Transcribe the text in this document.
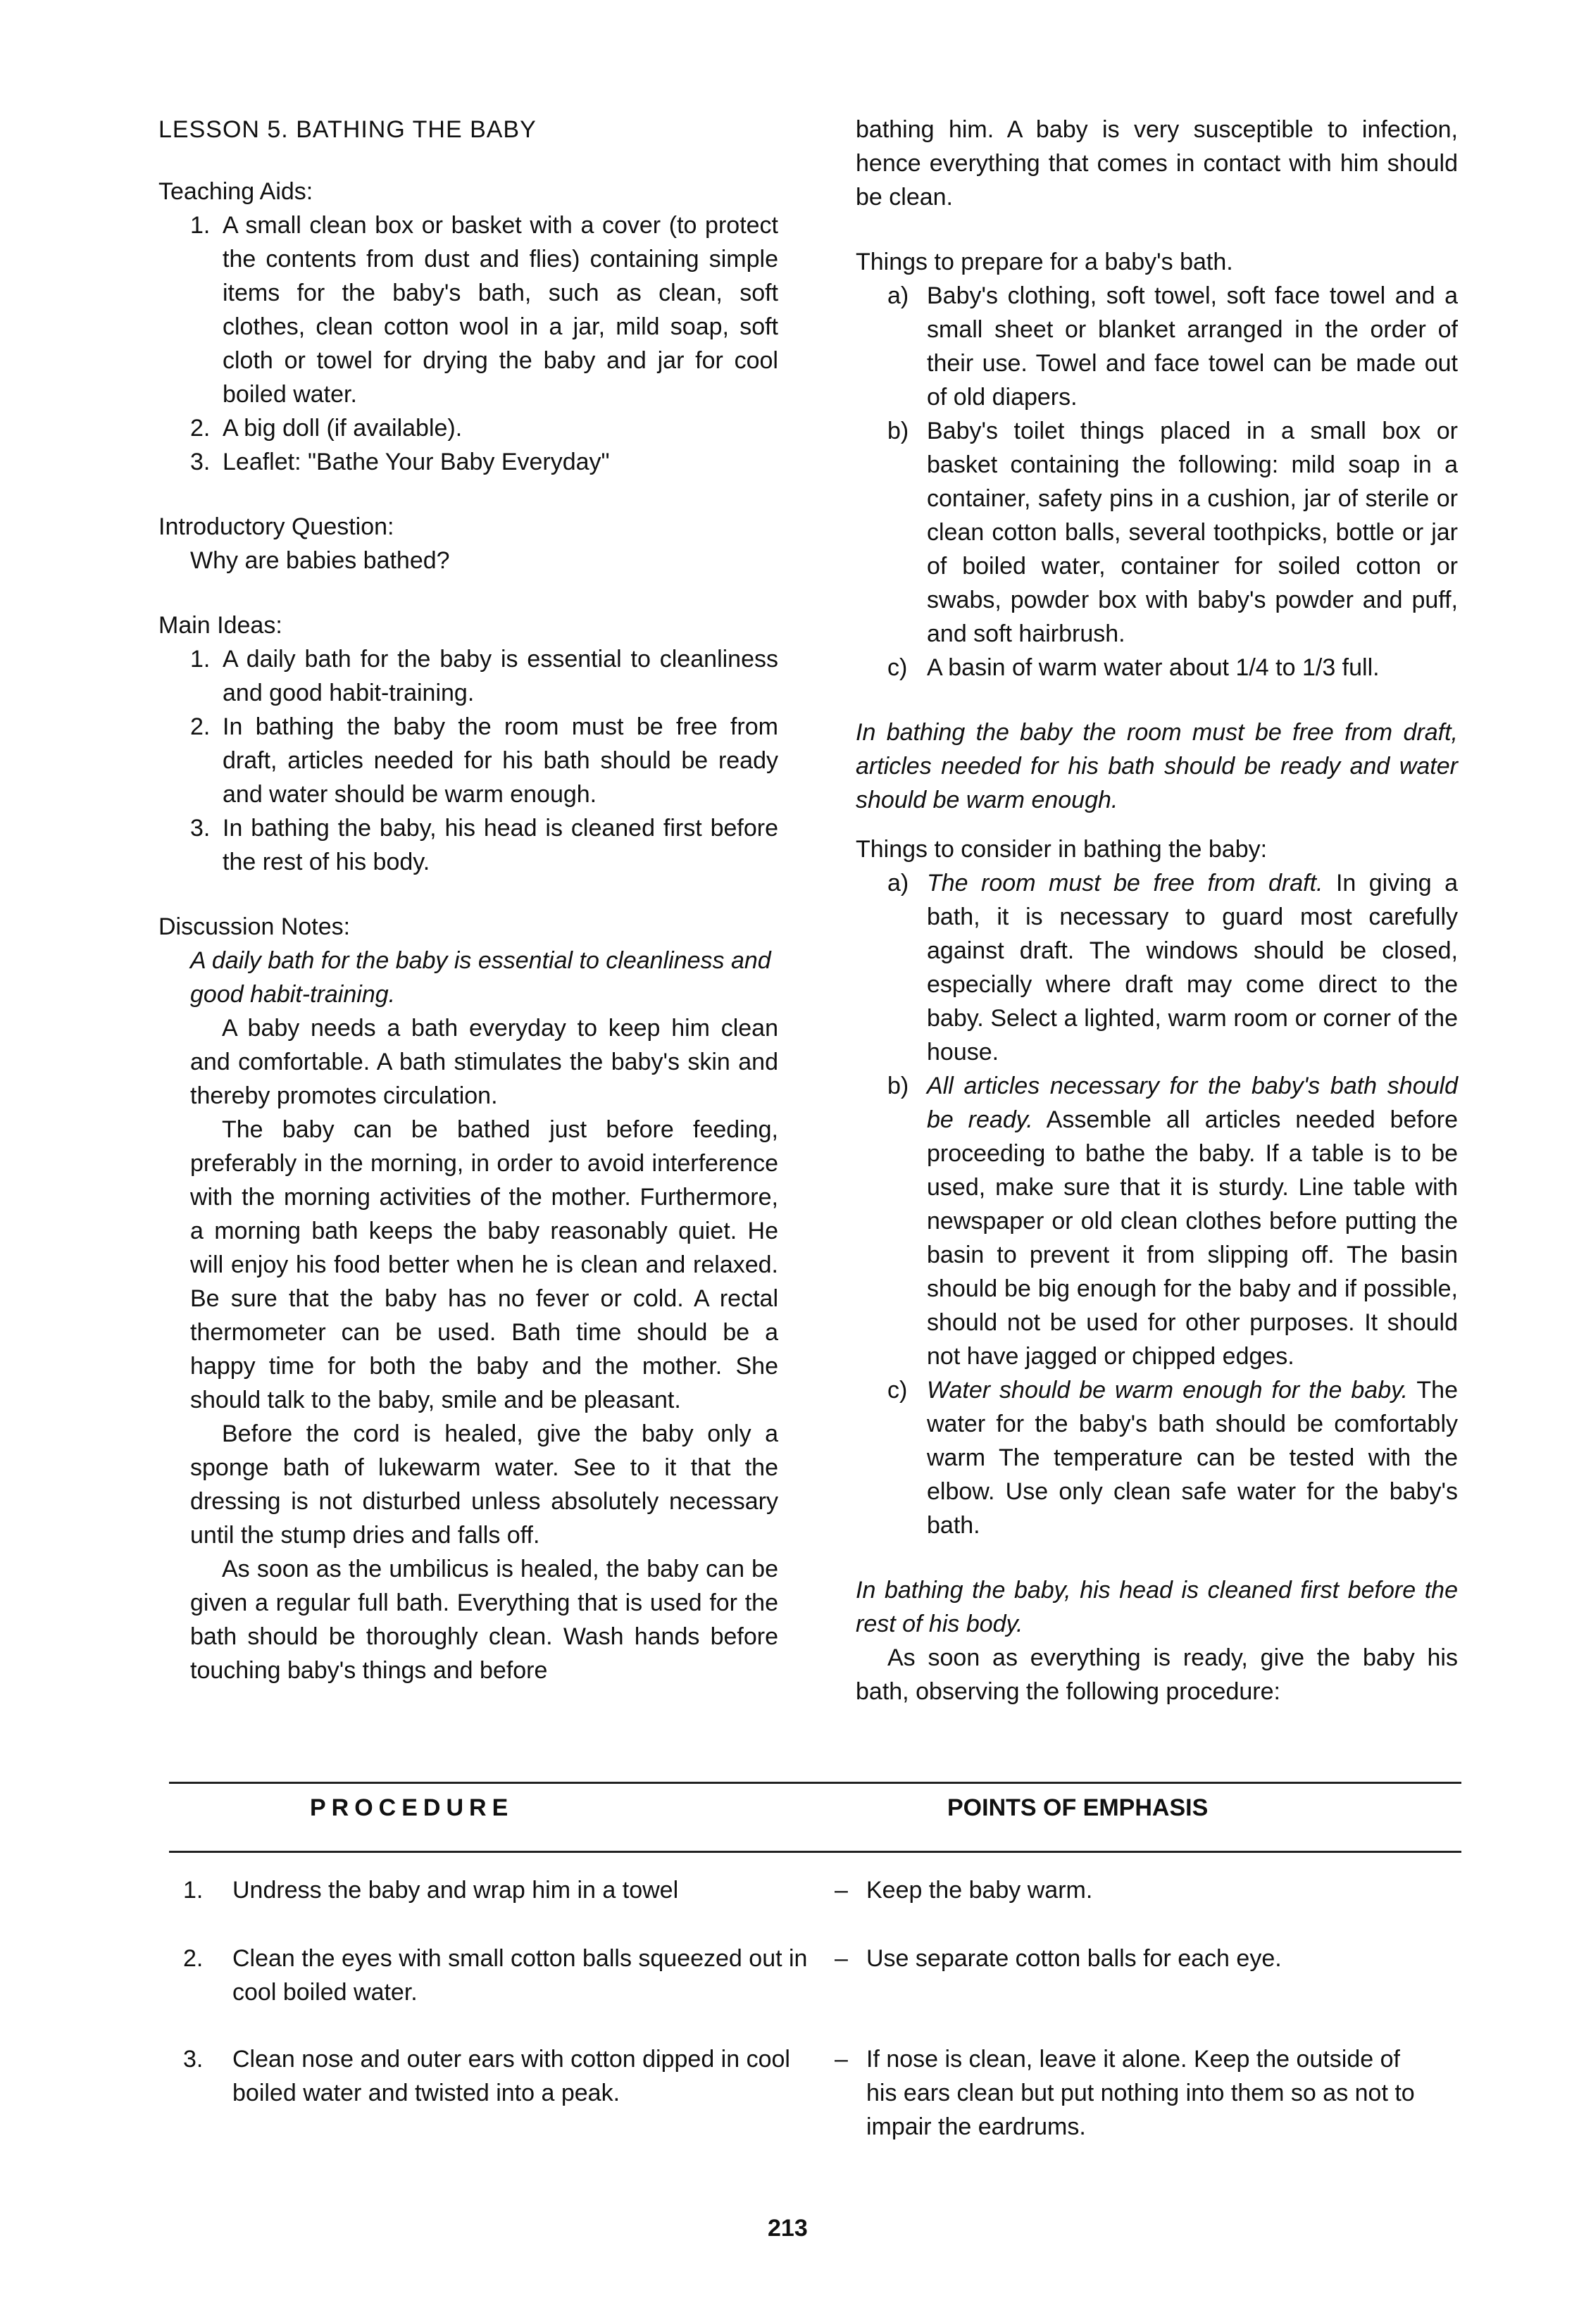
LESSON 5. BATHING THE BABY

Teaching Aids:

1. A small clean box or basket with a cover (to protect the contents from dust and flies) containing simple items for the baby's bath, such as clean, soft clothes, clean cotton wool in a jar, mild soap, soft cloth or towel for drying the baby and jar for cool boiled water.
2. A big doll (if available).
3. Leaflet: "Bathe Your Baby Everyday"

Introductory Question:

Why are babies bathed?

Main Ideas:

1. A daily bath for the baby is essential to cleanliness and good habit-training.
2. In bathing the baby the room must be free from draft, articles needed for his bath should be ready and water should be warm enough.
3. In bathing the baby, his head is cleaned first before the rest of his body.

Discussion Notes:

A daily bath for the baby is essential to cleanliness and good habit-training.

A baby needs a bath everyday to keep him clean and comfortable. A bath stimulates the baby's skin and thereby promotes circulation.

The baby can be bathed just before feeding, preferably in the morning, in order to avoid interference with the morning activities of the mother. Furthermore, a morning bath keeps the baby reasonably quiet. He will enjoy his food better when he is clean and relaxed. Be sure that the baby has no fever or cold. A rectal thermometer can be used. Bath time should be a happy time for both the baby and the mother. She should talk to the baby, smile and be pleasant.

Before the cord is healed, give the baby only a sponge bath of lukewarm water. See to it that the dressing is not disturbed unless absolutely necessary until the stump dries and falls off.

As soon as the umbilicus is healed, the baby can be given a regular full bath. Everything that is used for the bath should be thoroughly clean. Wash hands before touching baby's things and before

bathing him. A baby is very susceptible to infection, hence everything that comes in contact with him should be clean.

Things to prepare for a baby's bath.

a) Baby's clothing, soft towel, soft face towel and a small sheet or blanket arranged in the order of their use. Towel and face towel can be made out of old diapers.
b) Baby's toilet things placed in a small box or basket containing the following: mild soap in a container, safety pins in a cushion, jar of sterile or clean cotton balls, several toothpicks, bottle or jar of boiled water, container for soiled cotton or swabs, powder box with baby's powder and puff, and soft hairbrush.
c) A basin of warm water about 1/4 to 1/3 full.

In bathing the baby the room must be free from draft, articles needed for his bath should be ready and water should be warm enough.

Things to consider in bathing the baby:

a) The room must be free from draft. In giving a bath, it is necessary to guard most carefully against draft. The windows should be closed, especially where draft may come direct to the baby. Select a lighted, warm room or corner of the house.
b) All articles necessary for the baby's bath should be ready. Assemble all articles needed before proceeding to bathe the baby. If a table is to be used, make sure that it is sturdy. Line table with newspaper or old clean clothes before putting the basin to prevent it from slipping off. The basin should be big enough for the baby and if possible, should not be used for other purposes. It should not have jagged or chipped edges.
c) Water should be warm enough for the baby. The water for the baby's bath should be comfortably warm The temperature can be tested with the elbow. Use only clean safe water for the baby's bath.

In bathing the baby, his head is cleaned first before the rest of his body.

As soon as everything is ready, give the baby his bath, observing the following procedure:

PROCEDURE	POINTS OF EMPHASIS
1. Undress the baby and wrap him in a towel	– Keep the baby warm.
2. Clean the eyes with small cotton balls squeezed out in cool boiled water.
– Use separate cotton balls for each eye.
3. Clean nose and outer ears with cotton dipped in cool boiled water and twisted into a peak.
– If nose is clean, leave it alone. Keep the outside of his ears clean but put nothing into them so as not to impair the eardrums.
213
